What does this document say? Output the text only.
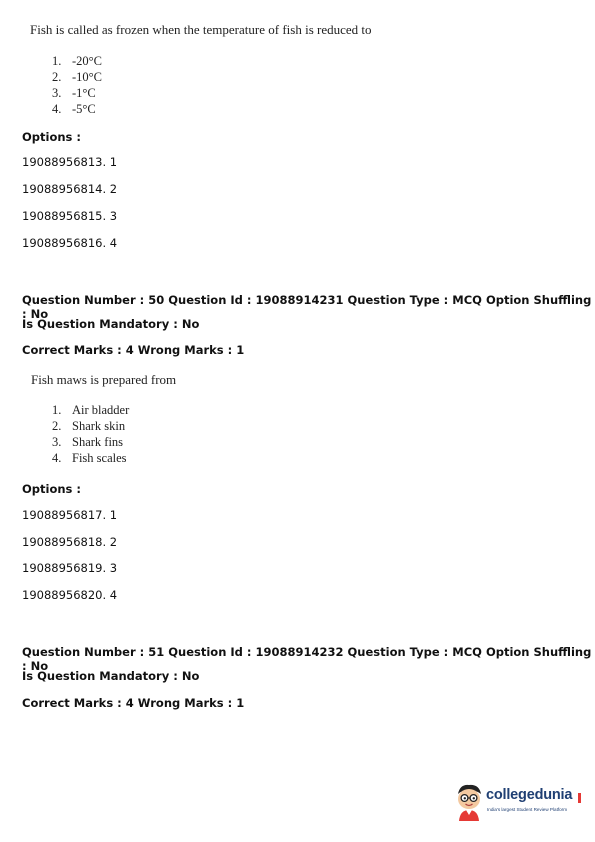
Fish is called as frozen when the temperature of fish is reduced to
1. -20°C
2. -10°C
3. -1°C
4. -5°C
Options :
19088956813. 1
19088956814. 2
19088956815. 3
19088956816. 4
Question Number : 50 Question Id : 19088914231 Question Type : MCQ Option Shuffling : No
Is Question Mandatory : No
Correct Marks : 4 Wrong Marks : 1
Fish maws is prepared from
1. Air bladder
2. Shark skin
3. Shark fins
4. Fish scales
Options :
19088956817. 1
19088956818. 2
19088956819. 3
19088956820. 4
Question Number : 51 Question Id : 19088914232 Question Type : MCQ Option Shuffling : No
Is Question Mandatory : No
Correct Marks : 4 Wrong Marks : 1
collegedunia
India's largest Student Review Platform
